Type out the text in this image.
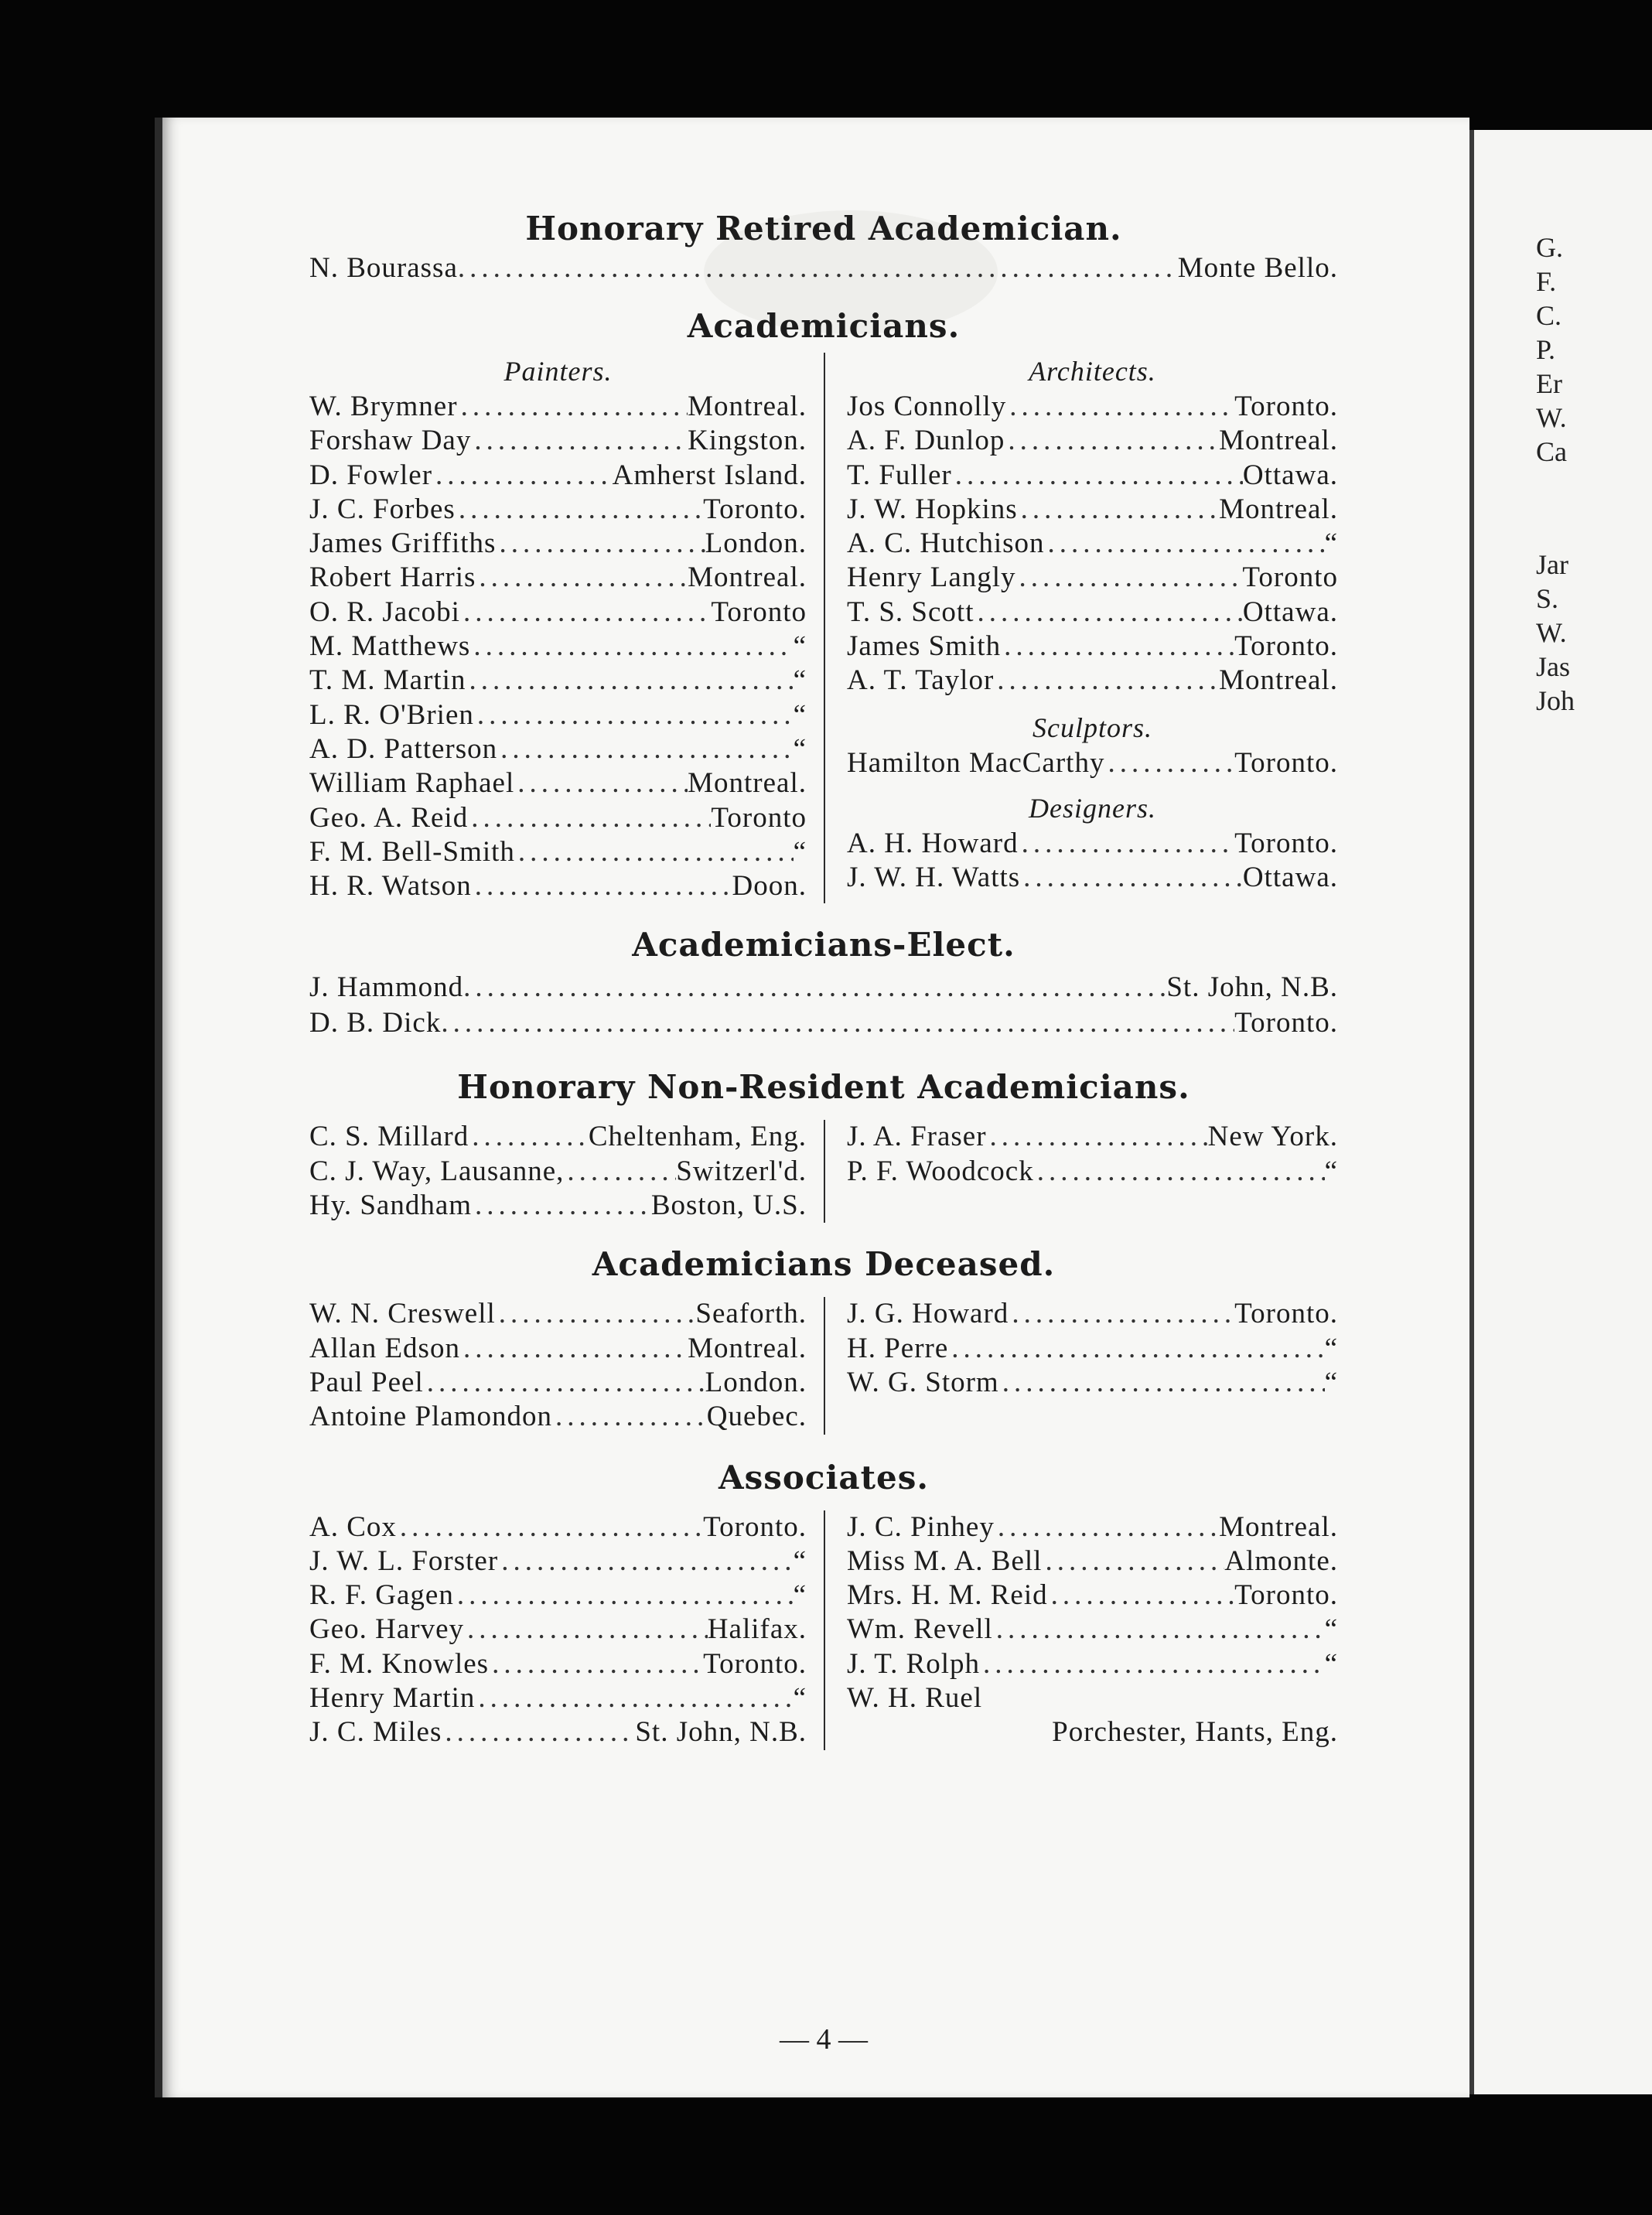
Honorary Retired Academician.
N. Bourassa .....	Monte Bello.
Academicians.
Painters.
W. Brymner .....	Montreal.
Forshaw Day .....	Kingston.
D. Fowler .....	Amherst Island.
J. C. Forbes .....	Toronto.
James Griffiths .....	London.
Robert Harris .....	Montreal.
O. R. Jacobi .....	Toronto
M. Matthews .....	“
T. M. Martin .....	“
L. R. O'Brien .....	“
A. D. Patterson .....	“
William Raphael .....	Montreal.
Geo. A. Reid .....	Toronto
F. M. Bell-Smith .....	“
H. R. Watson .....	Doon.
Architects.
Jos Connolly .....	Toronto.
A. F. Dunlop .....	Montreal.
T. Fuller .....	Ottawa.
J. W. Hopkins .....	Montreal.
A. C. Hutchison .....	“
Henry Langly .....	Toronto
T. S. Scott .....	Ottawa.
James Smith .....	Toronto.
A. T. Taylor .....	Montreal.
Sculptors.
Hamilton MacCarthy .....	Toronto.
Designers.
A. H. Howard .....	Toronto.
J. W. H. Watts .....	Ottawa.
Academicians-Elect.
J. Hammond .....	St. John, N.B.
D. B. Dick .....	Toronto.
Honorary Non-Resident Academicians.
C. S. Millard .....	Cheltenham, Eng.
C. J. Way, Lausanne, .....	Switzerl'd.
Hy. Sandham .....	Boston, U.S.
J. A. Fraser .....	New York.
P. F. Woodcock .....	“
Academicians Deceased.
W. N. Creswell .....	Seaforth.
Allan Edson .....	Montreal.
Paul Peel .....	London.
Antoine Plamondon .....	Quebec.
J. G. Howard .....	Toronto.
H. Perre .....	“
W. G. Storm .....	“
Associates.
A. Cox .....	Toronto.
J. W. L. Forster .....	“
R. F. Gagen .....	“
Geo. Harvey .....	Halifax.
F. M. Knowles .....	Toronto.
Henry Martin .....	“
J. C. Miles .....	St. John, N.B.
J. C. Pinhey .....	Montreal.
Miss M. A. Bell .....	Almonte.
Mrs. H. M. Reid .....	Toronto.
Wm. Revell .....	“
J. T. Rolph .....	“
W. H. Ruel
Porchester, Hants, Eng.
— 4 —
G.
F.
C.
P.
Er
W.
Ca
Jar
S.
W.
Jas
Joh
